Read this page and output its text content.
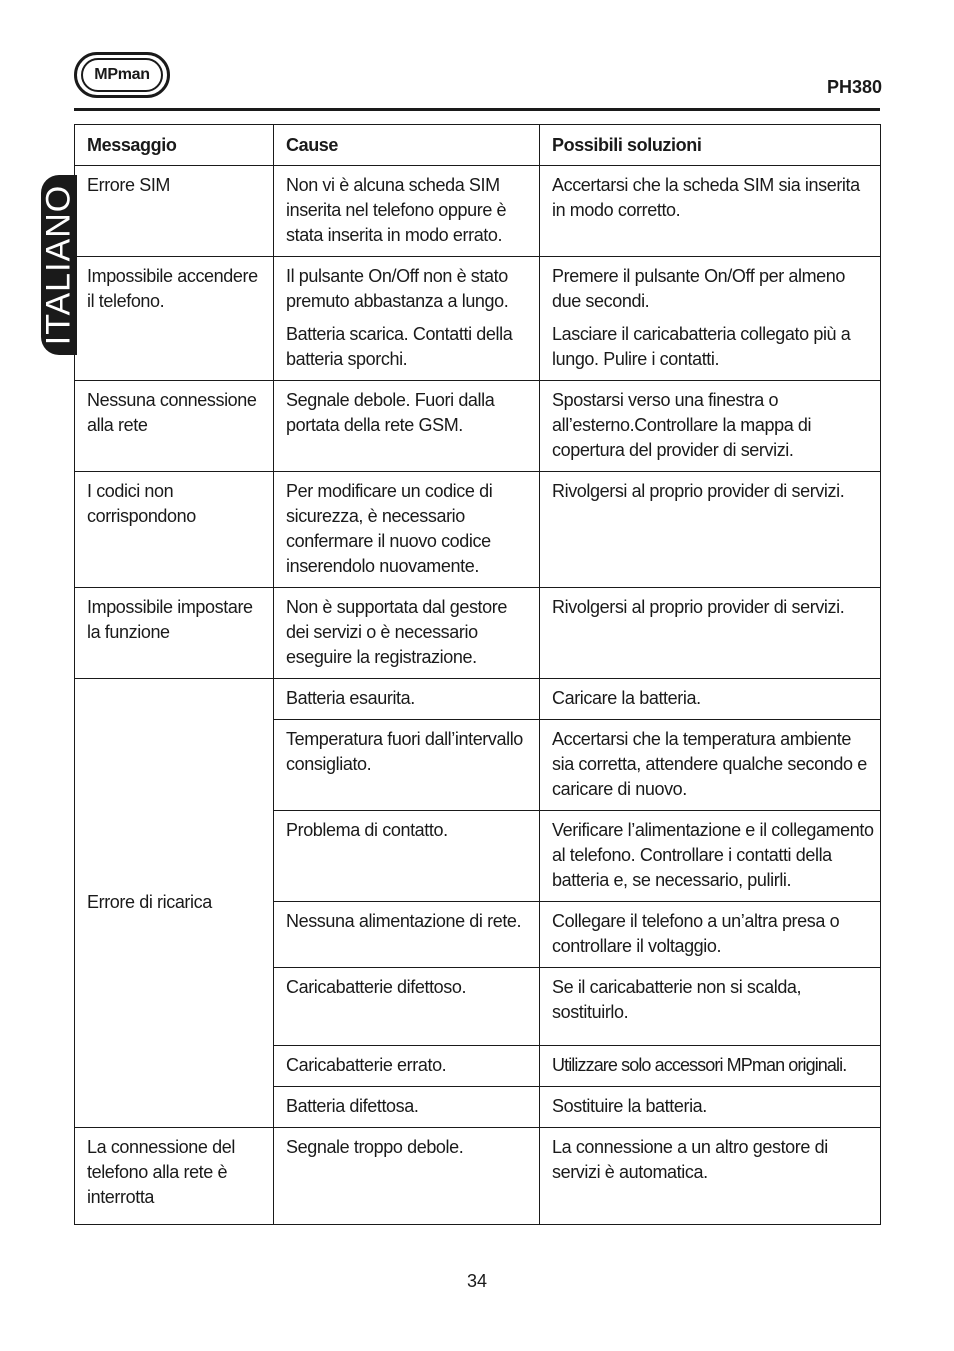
MPman
PH380
ITALIANO
Messaggio	Cause	Possibili soluzioni

Errore SIM	Non vi è alcuna scheda SIM inserita nel telefono oppure è stata inserita in modo errato.	Accertarsi che la scheda SIM sia inserita in modo corretto.

Impossibile accendere il telefono.	Il pulsante On/Off non è stato premuto abbastanza a lungo.	Premere il pulsante On/Off per almeno due secondi.

	Batteria scarica. Contatti della batteria sporchi.	Lasciare il caricabatteria collegato più a lungo. Pulire i contatti.

Nessuna connessione alla rete	Segnale debole. Fuori dalla portata della rete GSM.	Spostarsi verso una finestra o all’esterno.Controllare la mappa di copertura del provider di servizi.

I codici non corrispondono	Per modificare un codice di sicurezza, è necessario confermare il nuovo codice inserendolo nuovamente.	Rivolgersi al proprio provider di servizi.

Impossibile impostare la funzione	Non è supportata dal gestore dei servizi o è necessario eseguire la registrazione.	Rivolgersi al proprio provider di servizi.

Errore di ricarica	Batteria esaurita.	Caricare la batteria.

	Temperatura fuori dall’intervallo consigliato.	Accertarsi che la temperatura ambiente sia corretta, attendere qualche secondo e caricare di nuovo.

	Problema di contatto.	Verificare l’alimentazione e il collegamento al telefono. Controllare i contatti della batteria e, se necessario, pulirli.

	Nessuna alimentazione di rete.	Collegare il telefono a un’altra presa o controllare il voltaggio.

	Caricabatterie difettoso.	Se il caricabatterie non si scalda, sostituirlo.

	Caricabatterie errato.	Utilizzare solo accessori MPman originali.

	Batteria difettosa.	Sostituire la batteria.

La connessione del telefono alla rete è interrotta	Segnale troppo debole.	La connessione a un altro gestore di servizi è automatica.
34
